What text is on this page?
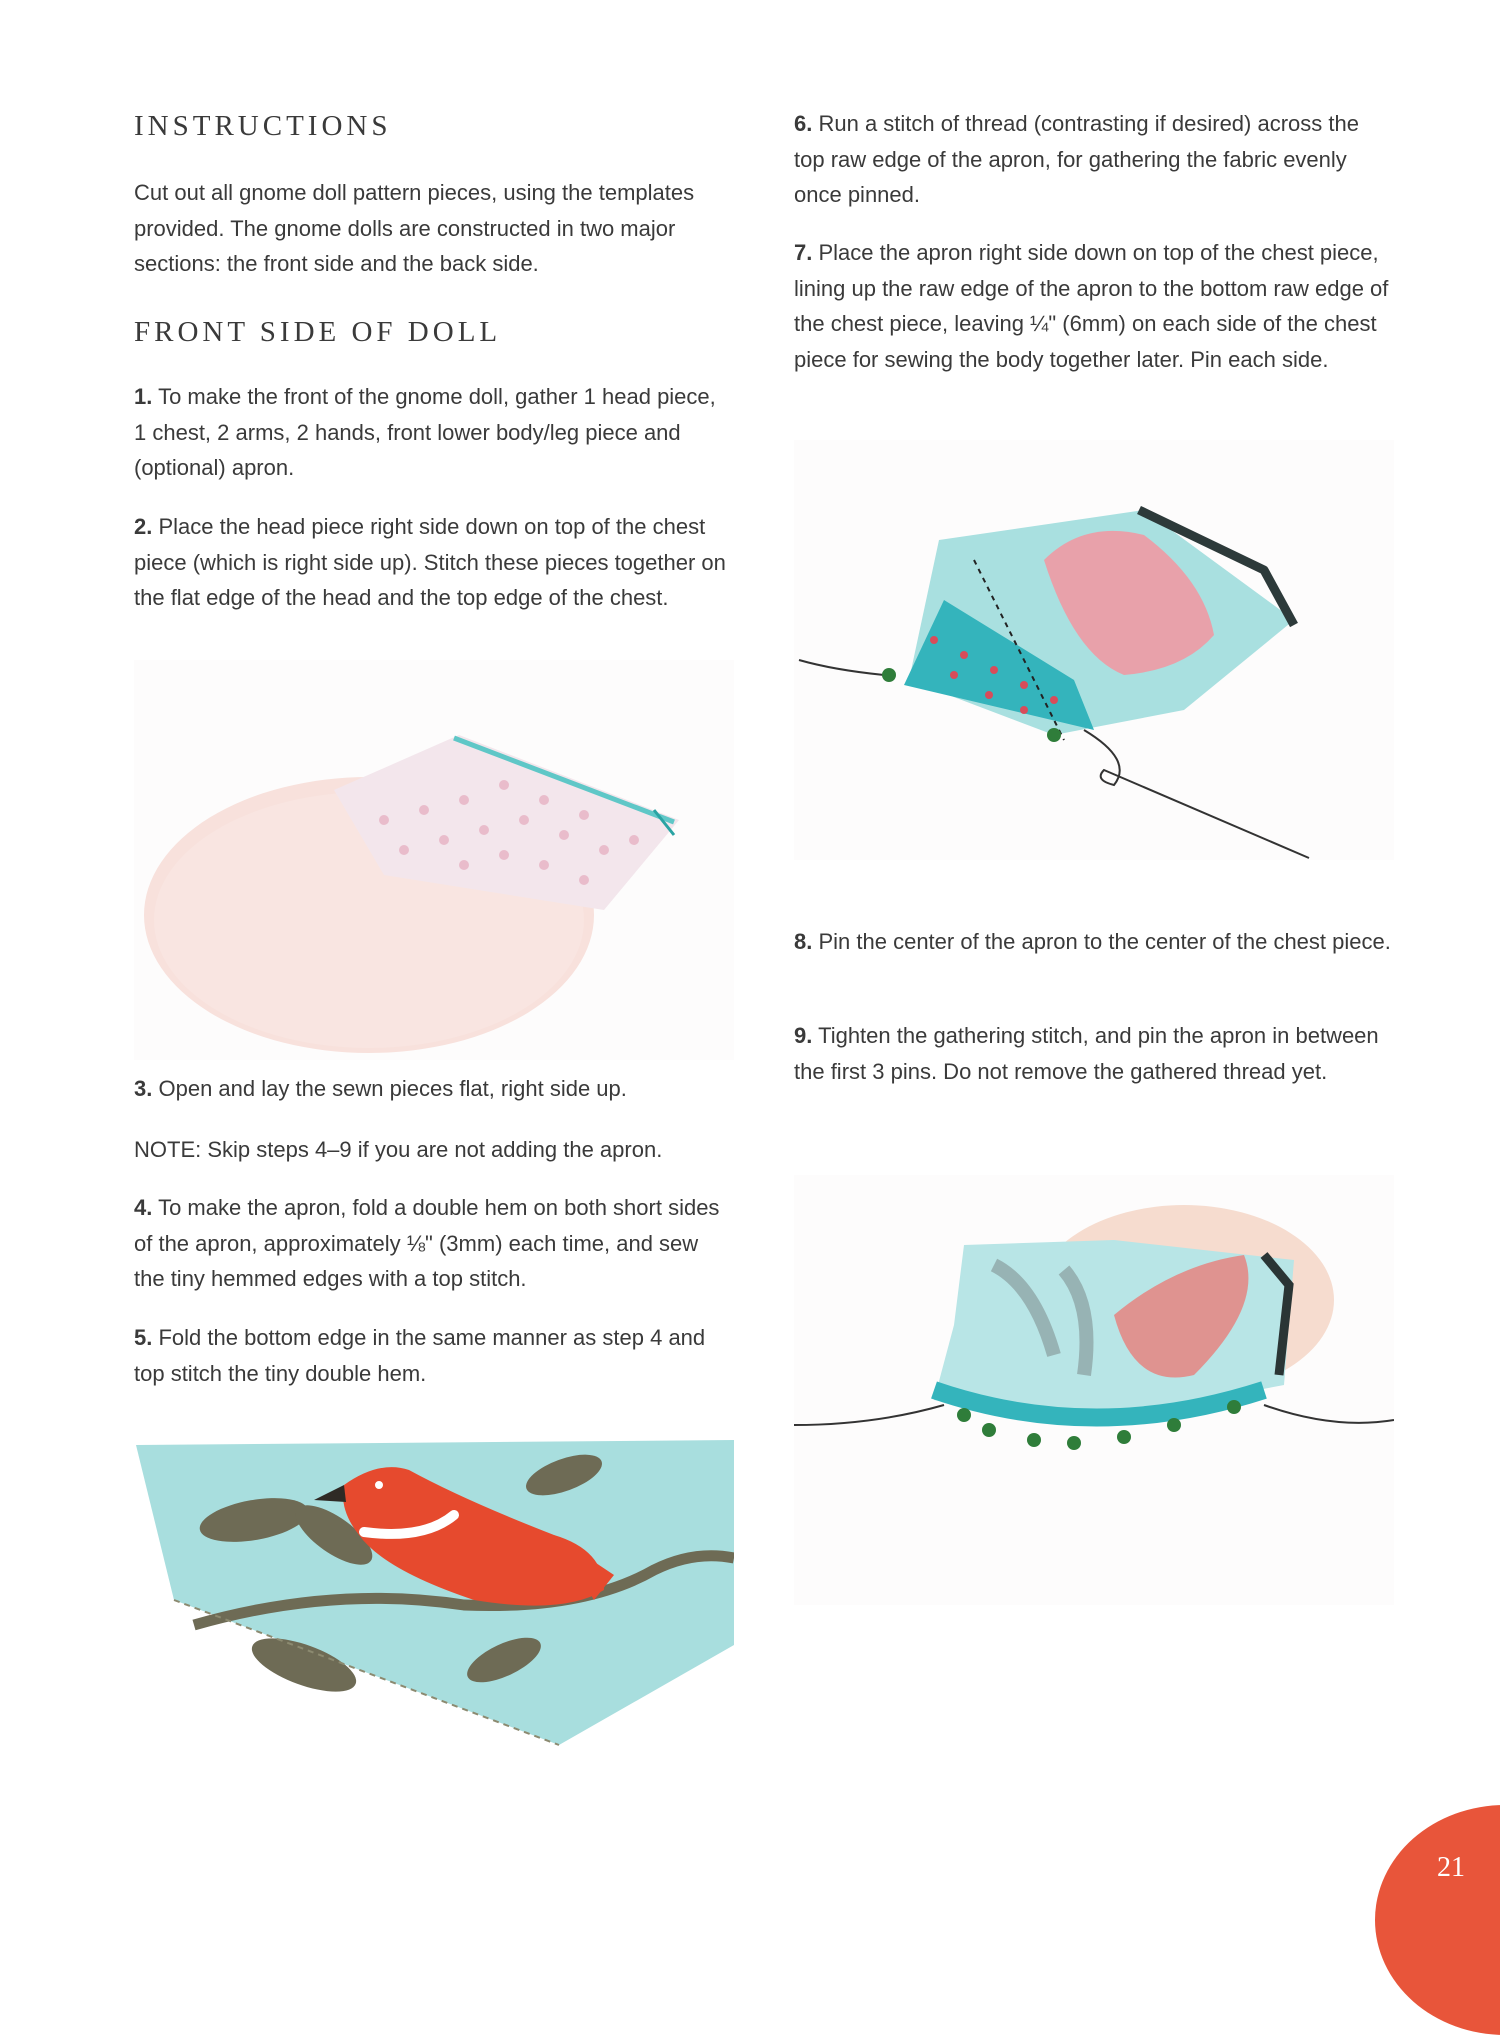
INSTRUCTIONS

Cut out all gnome doll pattern pieces, using the templates provided. The gnome dolls are constructed in two major sections: the front side and the back side.

FRONT SIDE OF DOLL

1. To make the front of the gnome doll, gather 1 head piece, 1 chest, 2 arms, 2 hands, front lower body/leg piece and (optional) apron.

2. Place the head piece right side down on top of the chest piece (which is right side up). Stitch these pieces together on the flat edge of the head and the top edge of the chest.

3. Open and lay the sewn pieces flat, right side up.

NOTE: Skip steps 4–9 if you are not adding the apron.

4. To make the apron, fold a double hem on both short sides of the apron, approximately ⅛" (3mm) each time, and sew the tiny hemmed edges with a top stitch.

5. Fold the bottom edge in the same manner as step 4 and top stitch the tiny double hem.

6. Run a stitch of thread (contrasting if desired) across the top raw edge of the apron, for gathering the fabric evenly once pinned.

7. Place the apron right side down on top of the chest piece, lining up the raw edge of the apron to the bottom raw edge of the chest piece, leaving ¼" (6mm) on each side of the chest piece for sewing the body together later. Pin each side.

8. Pin the center of the apron to the center of the chest piece.

9. Tighten the gathering stitch, and pin the apron in between the first 3 pins. Do not remove the gathered thread yet.

21
